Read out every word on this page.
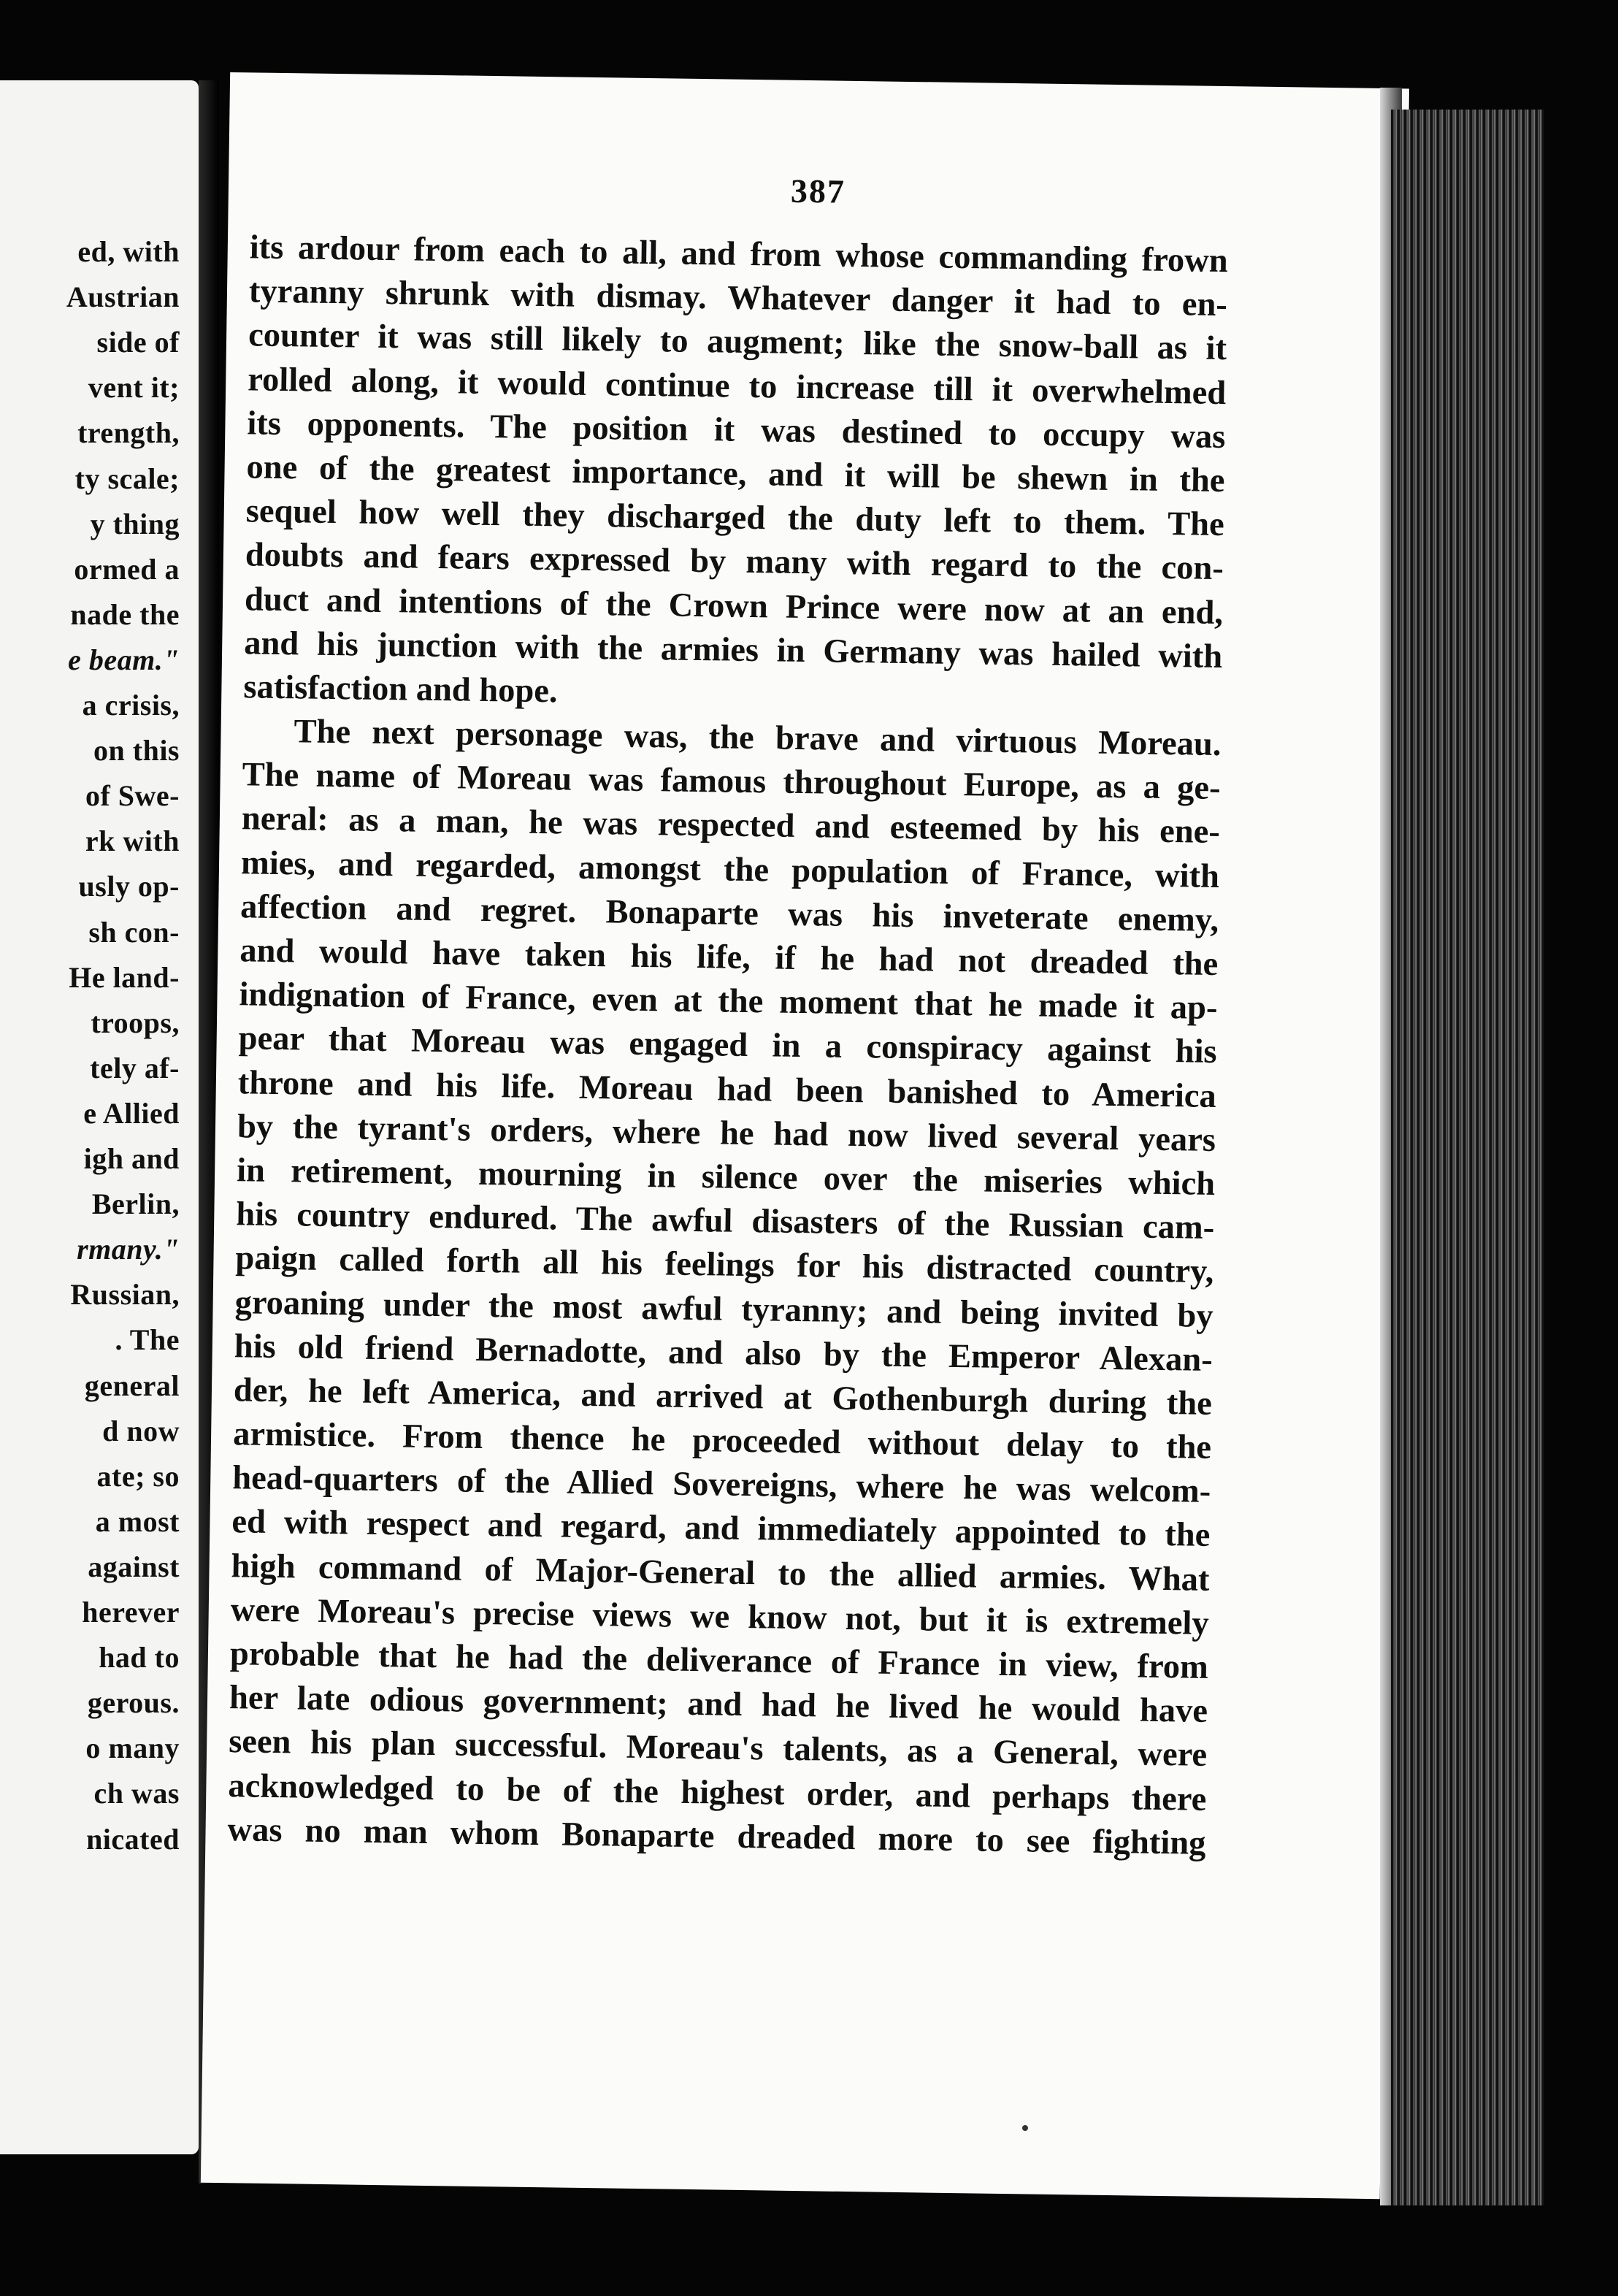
ed, with
Austrian
side of
vent it;
trength,
ty scale;
y thing
ormed a
nade the
e beam."
a crisis,
on this
of Swe-
rk with
usly op-
sh con-
He land-
troops,
tely af-
e Allied
igh and
Berlin,
rmany."
Russian,
. The
general
d now
ate; so
a most
against
herever
had to
gerous.
o many
ch was
nicated
387
its ardour from each to all, and from whose commanding frown
tyranny shrunk with dismay. Whatever danger it had to en-
counter it was still likely to augment; like the snow-ball as it
rolled along, it would continue to increase till it overwhelmed
its opponents. The position it was destined to occupy was
one of the greatest importance, and it will be shewn in the
sequel how well they discharged the duty left to them. The
doubts and fears expressed by many with regard to the con-
duct and intentions of the Crown Prince were now at an end,
and his junction with the armies in Germany was hailed with
satisfaction and hope.
The next personage was, the brave and virtuous Moreau.
The name of Moreau was famous throughout Europe, as a ge-
neral: as a man, he was respected and esteemed by his ene-
mies, and regarded, amongst the population of France, with
affection and regret. Bonaparte was his inveterate enemy,
and would have taken his life, if he had not dreaded the
indignation of France, even at the moment that he made it ap-
pear that Moreau was engaged in a conspiracy against his
throne and his life. Moreau had been banished to America
by the tyrant's orders, where he had now lived several years
in retirement, mourning in silence over the miseries which
his country endured. The awful disasters of the Russian cam-
paign called forth all his feelings for his distracted country,
groaning under the most awful tyranny; and being invited by
his old friend Bernadotte, and also by the Emperor Alexan-
der, he left America, and arrived at Gothenburgh during the
armistice. From thence he proceeded without delay to the
head-quarters of the Allied Sovereigns, where he was welcom-
ed with respect and regard, and immediately appointed to the
high command of Major-General to the allied armies. What
were Moreau's precise views we know not, but it is extremely
probable that he had the deliverance of France in view, from
her late odious government; and had he lived he would have
seen his plan successful. Moreau's talents, as a General, were
acknowledged to be of the highest order, and perhaps there
was no man whom Bonaparte dreaded more to see fighting
